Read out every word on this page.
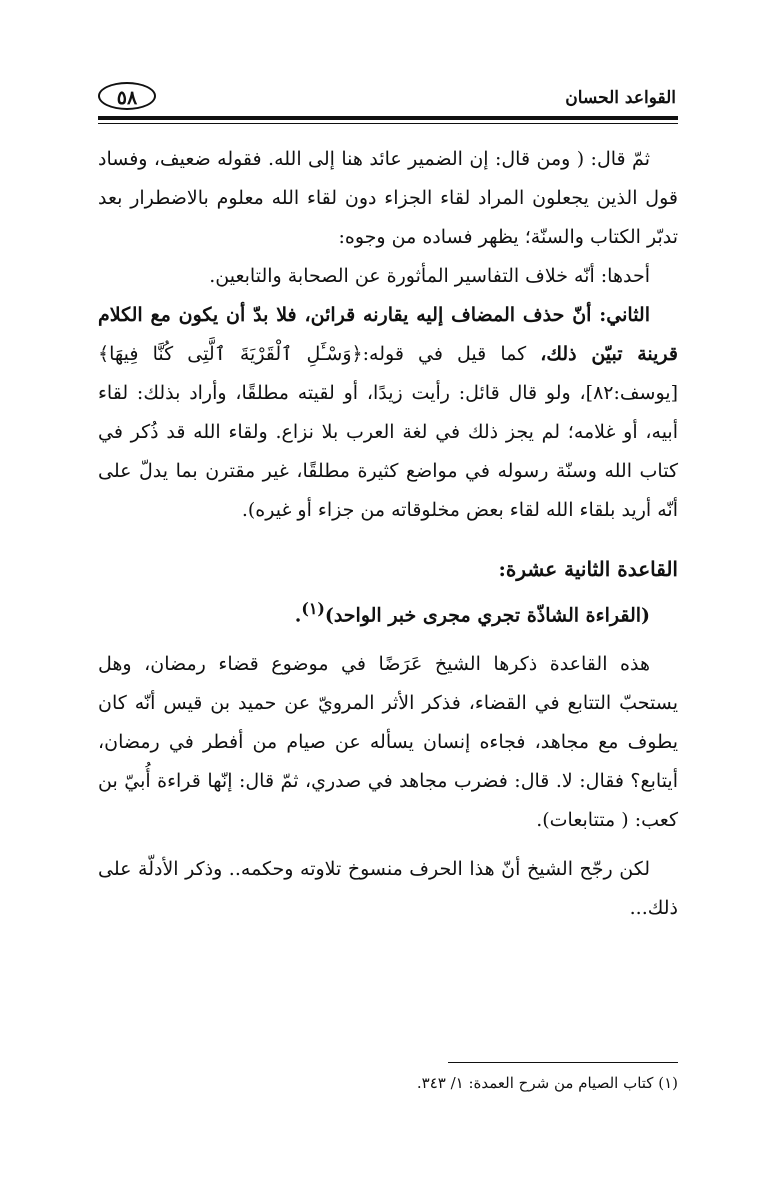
القواعد الحسان
٥٨

ثمّ قال: ( ومن قال: إن الضمير عائد هنا إلى الله. فقوله ضعيف، وفساد قول الذين يجعلون المراد لقاء الجزاء دون لقاء الله معلوم بالاضطرار بعد تدبّر الكتاب والسنّة؛ يظهر فساده من وجوه:

أحدها: أنّه خلاف التفاسير المأثورة عن الصحابة والتابعين.

الثاني: أنّ حذف المضاف إليه يقارنه قرائن، فلا بدّ أن يكون مع الكلام قرينة تبيّن ذلك، كما قيل في قوله:﴿وَسْـَٔلِ ٱلْقَرْيَةَ ٱلَّتِى كُنَّا فِيهَا﴾[يوسف:٨٢]، ولو قال قائل: رأيت زيدًا، أو لقيته مطلقًا، وأراد بذلك: لقاء أبيه، أو غلامه؛ لم يجز ذلك في لغة العرب بلا نزاع. ولقاء الله قد ذُكر في كتاب الله وسنّة رسوله في مواضع كثيرة مطلقًا، غير مقترن بما يدلّ على أنّه أريد بلقاء الله لقاء بعض مخلوقاته من جزاء أو غيره).

القاعدة الثانية عشرة:

(القراءة الشاذّة تجري مجرى خبر الواحد)$^{(١)}$.

هذه القاعدة ذكرها الشيخ عَرَضًا في موضوع قضاء رمضان، وهل يستحبّ التتابع في القضاء، فذكر الأثر المرويّ عن حميد بن قيس أنّه كان يطوف مع مجاهد، فجاءه إنسان يسأله عن صيام من أفطر في رمضان، أيتابع؟ فقال: لا. قال: فضرب مجاهد في صدري، ثمّ قال: إنّها قراءة أُبيّ بن كعب: ( متتابعات).

لكن رجّح الشيخ أنّ هذا الحرف منسوخ تلاوته وحكمه.. وذكر الأدلّة على ذلك...

(١) كتاب الصيام من شرح العمدة: ١/ ٣٤٣.
